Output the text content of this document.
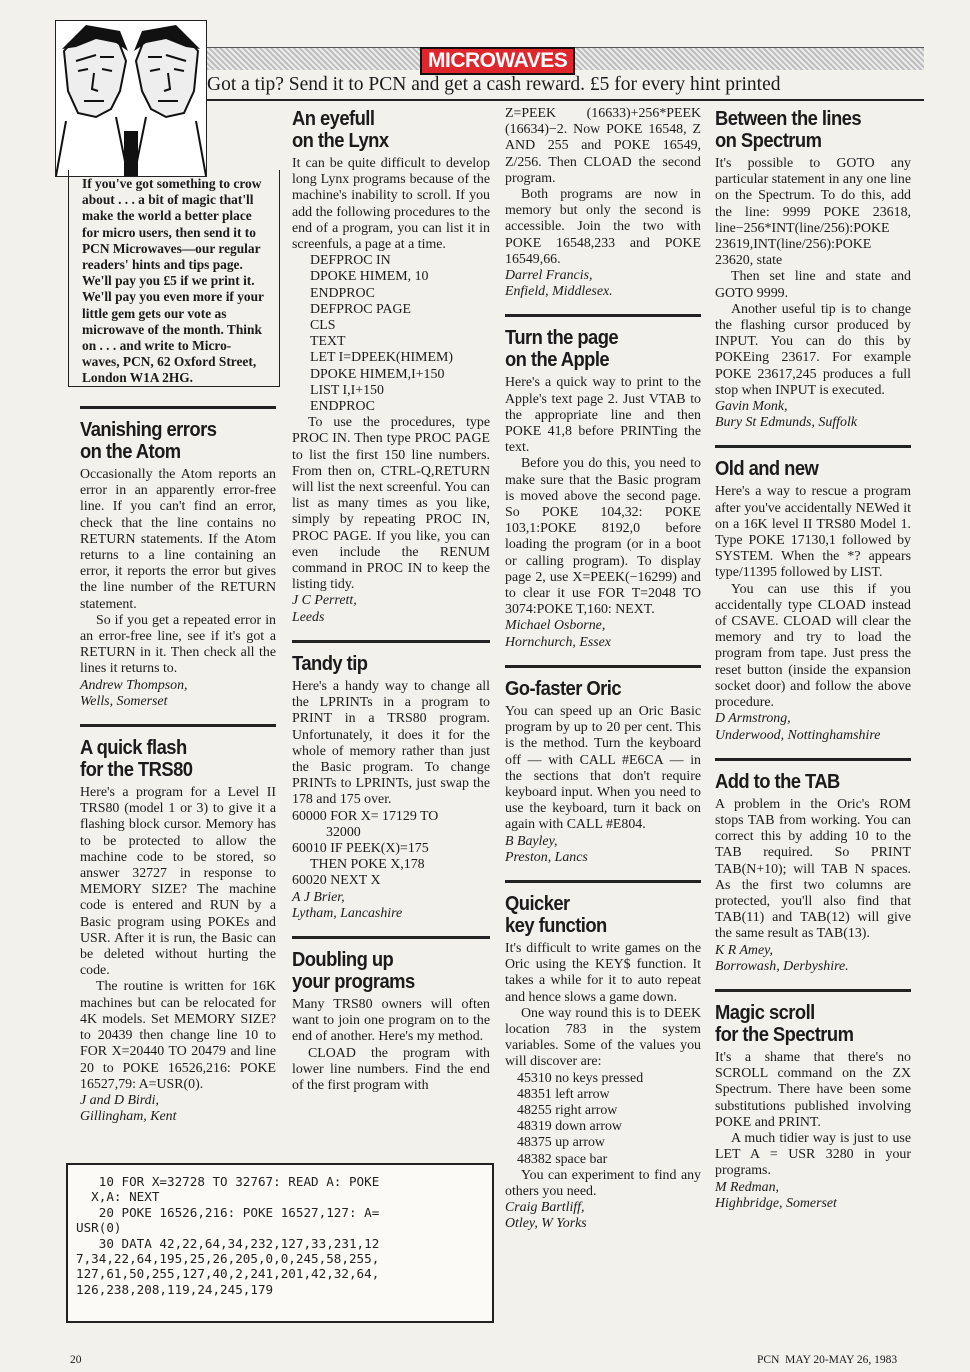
MICROWAVES
Got a tip? Send it to PCN and get a cash reward. £5 for every hint printed
If you've got something to crow
about . . . a bit of magic that'll
make the world a better place
for micro users, then send it to
PCN Microwaves—our regular
readers' hints and tips page.
We'll pay you £5 if we print it.
We'll pay you even more if your
little gem gets our vote as
microwave of the month. Think
on . . . and write to Micro-
waves, PCN, 62 Oxford Street,
London W1A 2HG.
Vanishing errors
on the Atom

Occasionally the Atom reports an error in an apparently error-free line. If you can't find an error, check that the line contains no RETURN statements. If the Atom returns to a line containing an error, it reports the error but gives the line number of the RETURN statement.

So if you get a repeated error in an error-free line, see if it's got a RETURN in it. Then check all the lines it returns to.

Andrew Thompson,
Wells, Somerset

A quick flash
for the TRS80

Here's a program for a Level II TRS80 (model 1 or 3) to give it a flashing block cursor. Memory has to be protected to allow the machine code to be stored, so answer 32727 in response to MEMORY SIZE? The machine code is entered and RUN by a Basic program using POKEs and USR. After it is run, the Basic can be deleted without hurting the code.

The routine is written for 16K machines but can be relocated for 4K models. Set MEMORY SIZE? to 20439 then change line 10 to FOR X=20440 TO 20479 and line 20 to POKE 16526,216: POKE 16527,79: A=USR(0).

J and D Birdi,
Gillingham, Kent

An eyefull
on the Lynx

It can be quite difficult to develop long Lynx programs because of the machine's inability to scroll. If you add the following procedures to the end of a program, you can list it in screenfuls, a page at a time.

DEFPROC IN

DPOKE HIMEM, 10

ENDPROC

DEFPROC PAGE

CLS

TEXT

LET I=DPEEK(HIMEM)

DPOKE HIMEM,I+150

LIST I,I+150

ENDPROC

To use the procedures, type PROC IN. Then type PROC PAGE to list the first 150 line numbers. From then on, CTRL-Q,RETURN will list the next screenful. You can list as many times as you like, simply by repeating PROC IN, PROC PAGE. If you like, you can even include the RENUM command in PROC IN to keep the listing tidy.

J C Perrett,
Leeds

Tandy tip

Here's a handy way to change all the LPRINTs in a program to PRINT in a TRS80 program. Unfortunately, it does it for the whole of memory rather than just the Basic program. To change PRINTs to LPRINTs, just swap the 178 and 175 over.

60000 FOR X= 17129 TO

32000

60010 IF PEEK(X)=175

THEN POKE X,178

60020 NEXT X

A J Brier,
Lytham, Lancashire

Doubling up
your programs

Many TRS80 owners will often want to join one program on to the end of another. Here's my method.

CLOAD the program with lower line numbers. Find the end of the first program with

Z=PEEK (16633)+256*PEEK (16634)−2. Now POKE 16548, Z AND 255 and POKE 16549, Z/256. Then CLOAD the second program.

Both programs are now in memory but only the second is accessible. Join the two with POKE 16548,233 and POKE 16549,66.

Darrel Francis,
Enfield, Middlesex.

Turn the page
on the Apple

Here's a quick way to print to the Apple's text page 2. Just VTAB to the appropriate line and then POKE 41,8 before PRINTing the text.

Before you do this, you need to make sure that the Basic program is moved above the second page. So POKE 104,32: POKE 103,1:POKE 8192,0 before loading the program (or in a boot or calling program). To display page 2, use X=PEEK(−16299) and to clear it use FOR T=2048 TO 3074:POKE T,160: NEXT.

Michael Osborne,
Hornchurch, Essex

Go-faster Oric

You can speed up an Oric Basic program by up to 20 per cent. This is the method. Turn the keyboard off — with CALL #E6CA — in the sections that don't require keyboard input. When you need to use the keyboard, turn it back on again with CALL #E804.

B Bayley,
Preston, Lancs

Quicker
key function

It's difficult to write games on the Oric using the KEY$ function. It takes a while for it to auto repeat and hence slows a game down.

One way round this is to DEEK location 783 in the system variables. Some of the values you will discover are:

45310 no keys pressed

48351 left arrow

48255 right arrow

48319 down arrow

48375 up arrow

48382 space bar

You can experiment to find any others you need.

Craig Bartliff,
Otley, W Yorks

Between the lines
on Spectrum

It's possible to GOTO any particular statement in any one line on the Spectrum. To do this, add the line: 9999 POKE 23618, line−256*INT(line/256):POKE 23619,INT(line/256):POKE 23620, state

Then set line and state and GOTO 9999.

Another useful tip is to change the flashing cursor produced by INPUT. You can do this by POKEing 23617. For example POKE 23617,245 produces a full stop when INPUT is executed.

Gavin Monk,
Bury St Edmunds, Suffolk

Old and new

Here's a way to rescue a program after you've accidentally NEWed it on a 16K level II TRS80 Model 1. Type POKE 17130,1 followed by SYSTEM. When the *? appears type/11395 followed by LIST.

You can use this if you accidentally type CLOAD instead of CSAVE. CLOAD will clear the memory and try to load the program from tape. Just press the reset button (inside the expansion socket door) and follow the above procedure.

D Armstrong,
Underwood, Nottinghamshire

Add to the TAB

A problem in the Oric's ROM stops TAB from working. You can correct this by adding 10 to the TAB required. So PRINT TAB(N+10); will TAB N spaces. As the first two columns are protected, you'll also find that TAB(11) and TAB(12) will give the same result as TAB(13).

K R Amey,
Borrowash, Derbyshire.

Magic scroll
for the Spectrum

It's a shame that there's no SCROLL command on the ZX Spectrum. There have been some substitutions published involving POKE and PRINT.

A much tidier way is just to use LET A = USR 3280 in your programs.

M Redman,
Highbridge, Somerset

10 FOR X=32728 TO 32767: READ A: POKE
X,A: NEXT
20 POKE 16526,216: POKE 16527,127: A=
USR(0)
30 DATA 42,22,64,34,232,127,33,231,12
7,34,22,64,195,25,26,205,0,0,245,58,255,
127,61,50,255,127,40,2,241,201,42,32,64,
126,238,208,119,24,245,179
20	PCN  MAY 20-MAY 26, 1983
